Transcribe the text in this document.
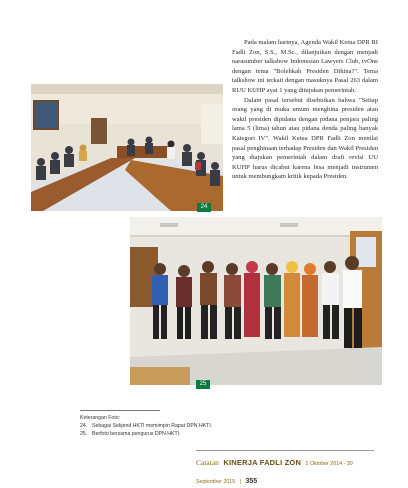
24
25

Pada malam harinya, Agenda Wakil Ketua DPR RI Fadli Zon, S.S., M.Sc., dilanjutkan dengan menjadi narasumber talkshow Indonesian Lawyers Club, tvOne dengan tema "Bolehkah Presiden Dihina?". Tema talkshow ini terkait dengan masuknya Pasal 263 dalam RUU KUHP ayat 1 yang ditujukan pemerintah.

Dalam pasal tersebut disebutkan bahwa "Setiap orang yang di muka umum menghina presiden atau wakil presiden dipidana dengan pidana penjara paling lama 5 (lima) tahun atau pidana denda paling banyak Kategori IV". Wakil Ketua DPR Fadli Zon menilai pasal penghinaan terhadap Presiden dan Wakil Presiden yang diajukan pemerintah dalam draft revisi UU KUHP harus dicabut karena bisa menjadi instrumen untuk membungkam kritik kepada Presiden.

Keterangan Foto:
24. Sebagai Sekjend HKTI memimpin Rapat DPN HKTI.
25. Berfoto bersama pengurus DPN HKTI.
Catatan KINERJA FADLI ZON 1 Oktober 2014 - 30 September 2015 | 355
